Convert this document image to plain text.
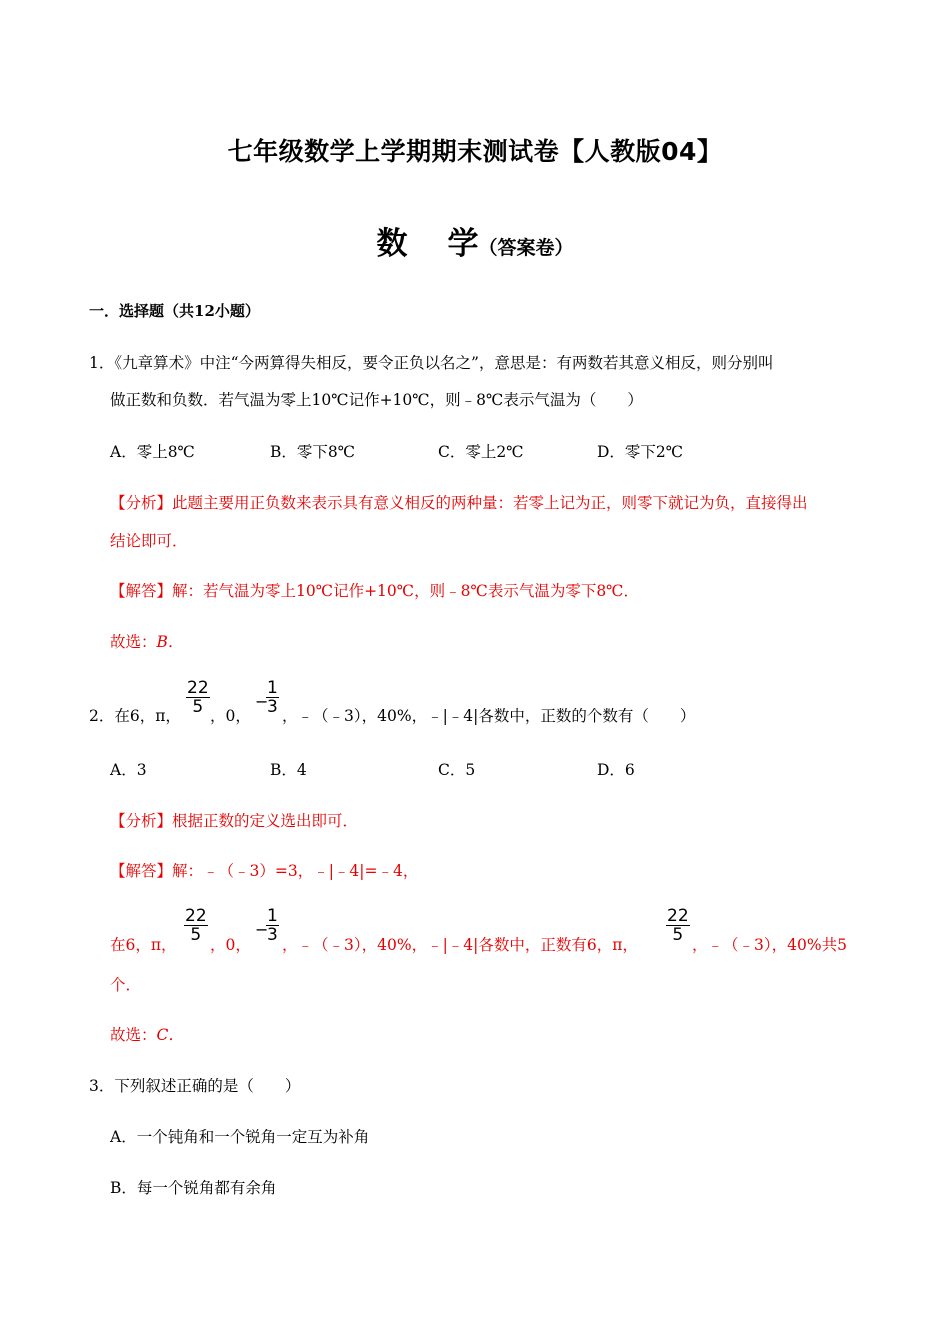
七年级数学上学期期末测试卷【人教版04】
数 学（答案卷）
一．选择题（共12小题）
1．《九章算术》中注“今两算得失相反，要令正负以名之”，意思是：有两数若其意义相反，则分别叫
做正数和负数．若气温为零上10℃记作+10℃，则﹣8℃表示气温为（　　）
A．零上8℃	B．零下8℃	C．零上2℃	D．零下2℃
【分析】此题主要用正负数来表示具有意义相反的两种量：若零上记为正，则零下就记为负，直接得出
结论即可．
【解答】解：若气温为零上10℃记作+10℃，则﹣8℃表示气温为零下8℃．
故选：B．
2．在6，π，
22
5 ，0，
−
1
3 ，﹣（﹣3），40%，﹣|﹣4|各数中，正数的个数有（　　）
A．3	B．4	C．5	D．6
【分析】根据正数的定义选出即可．
【解答】解：﹣（﹣3）=3，﹣|﹣4|=﹣4，
在6，π，
22
5 ，0，
−
1
3 ，﹣（﹣3），40%，﹣|﹣4|各数中，正数有6，π，
22
5 ，﹣（﹣3），40%共5
个．
故选：C．
3．下列叙述正确的是（　　）
A．一个钝角和一个锐角一定互为补角
B．每一个锐角都有余角
